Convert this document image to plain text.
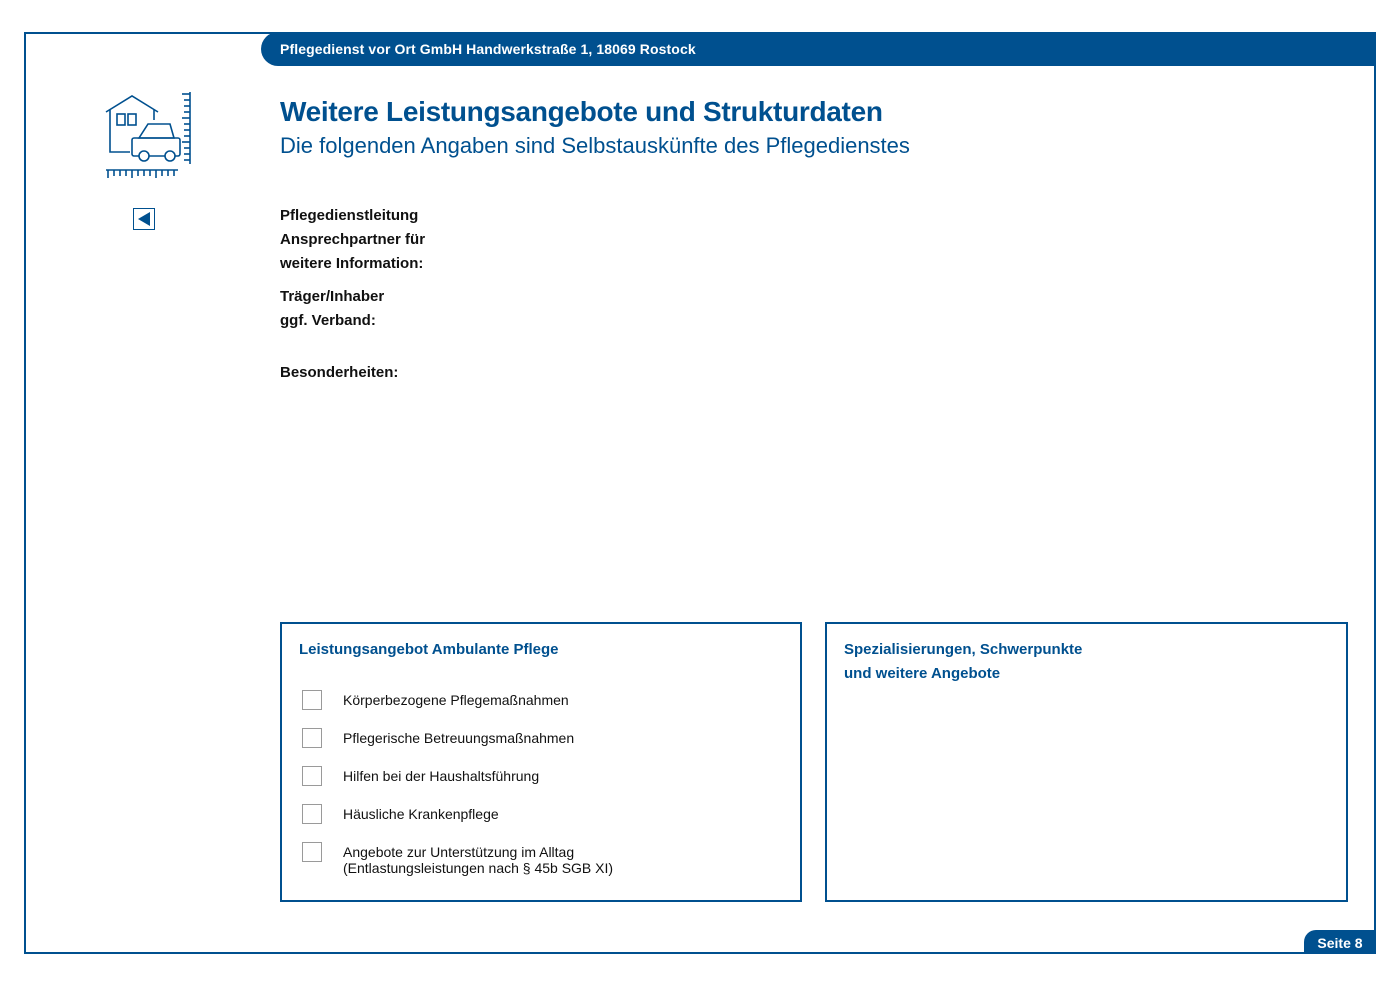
Pflegedienst vor Ort GmbH Handwerkstraße 1, 18069 Rostock
Weitere Leistungsangebote und Strukturdaten
Die folgenden Angaben sind Selbstauskünfte des Pflegedienstes
Pflegedienstleitung
Ansprechpartner für
weitere Information:
Träger/Inhaber
ggf. Verband:
Besonderheiten:
Leistungsangebot Ambulante Pflege
Körperbezogene Pflegemaßnahmen
Pflegerische Betreuungsmaßnahmen
Hilfen bei der Haushaltsführung
Häusliche Krankenpflege
Angebote zur Unterstützung im Alltag
(Entlastungsleistungen nach § 45b SGB XI)
Spezialisierungen, Schwerpunkte
und weitere Angebote
Seite 8
